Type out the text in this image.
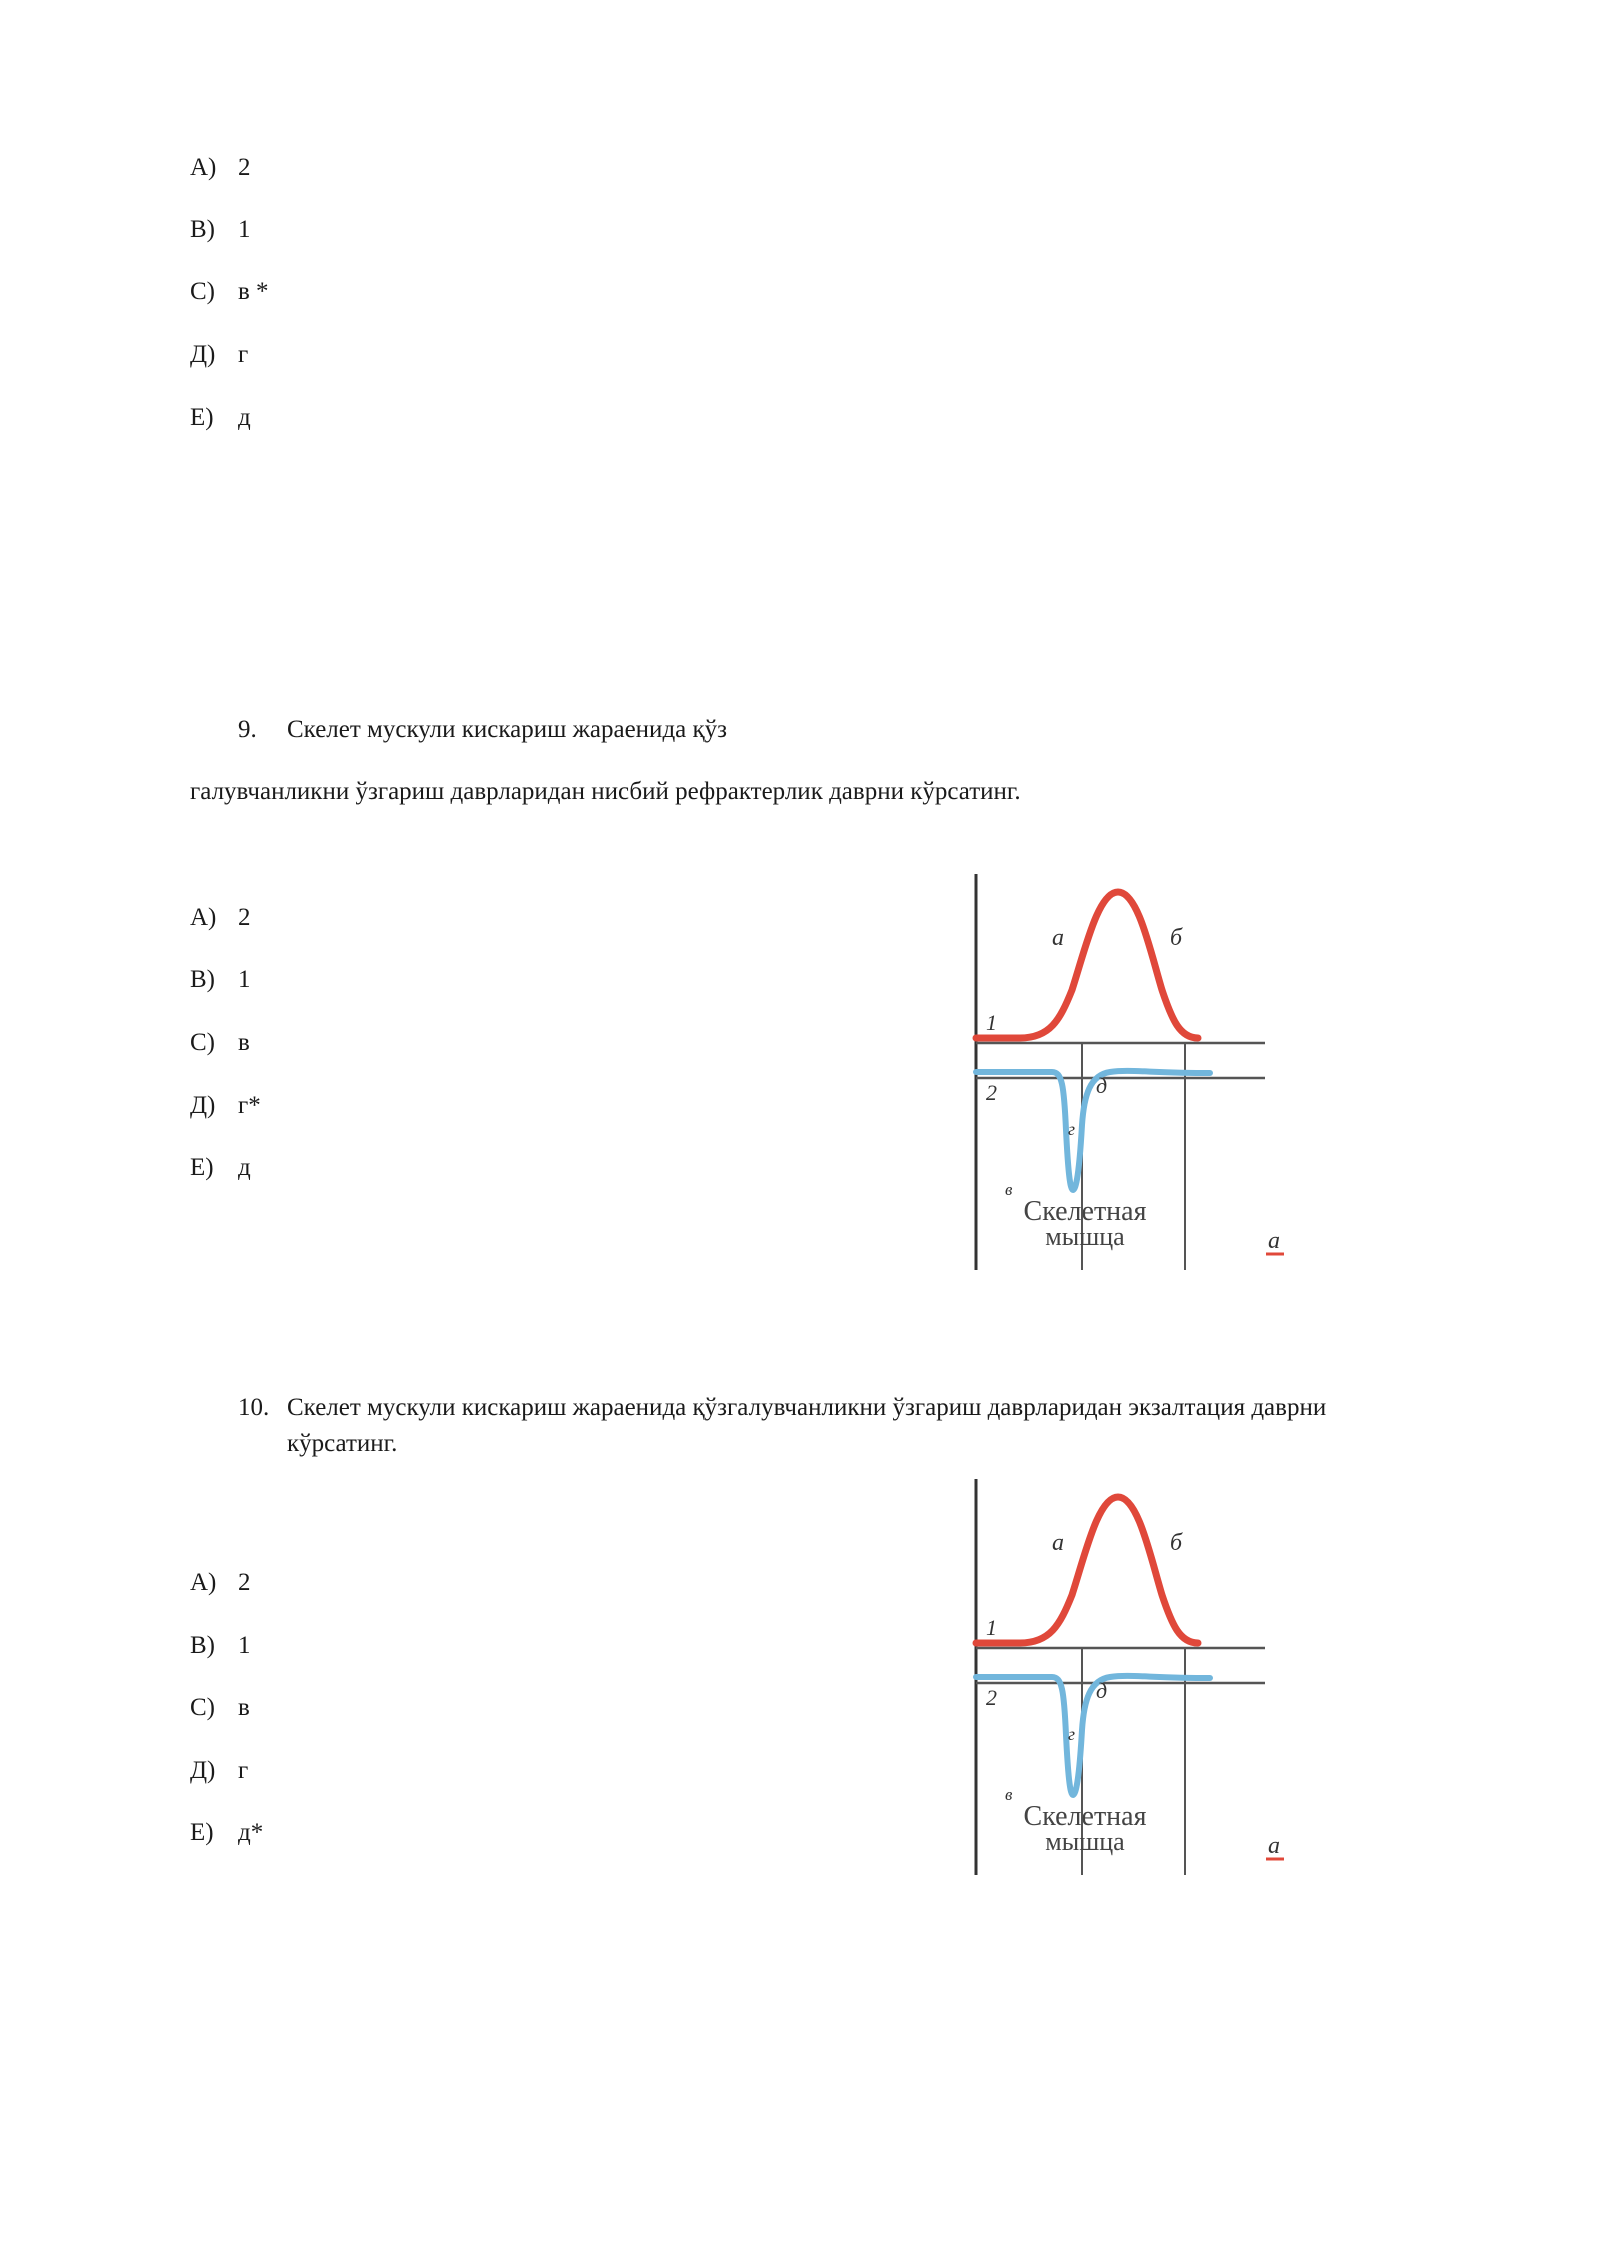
A) 2
B) 1
C) в *
Д) г
E) д
9. Скелет мускули кискариш жараенида қўз
галувчанликни ўзгариш даврларидан нисбий рефрактерлик даврни кўрсатинг.
A) 2
B) 1
C) в
Д) г*
E) д
а	б
1
2	д
г
в
Скелетная
мышца	а
10. Скелет мускули кискариш жараенида қўзгалувчанликни ўзгариш даврларидан экзалтация даврни
кўрсатинг.
A) 2
B) 1
C) в
Д) г
E) д*
а	б
1
2	д
г
в
Скелетная
мышца	а
